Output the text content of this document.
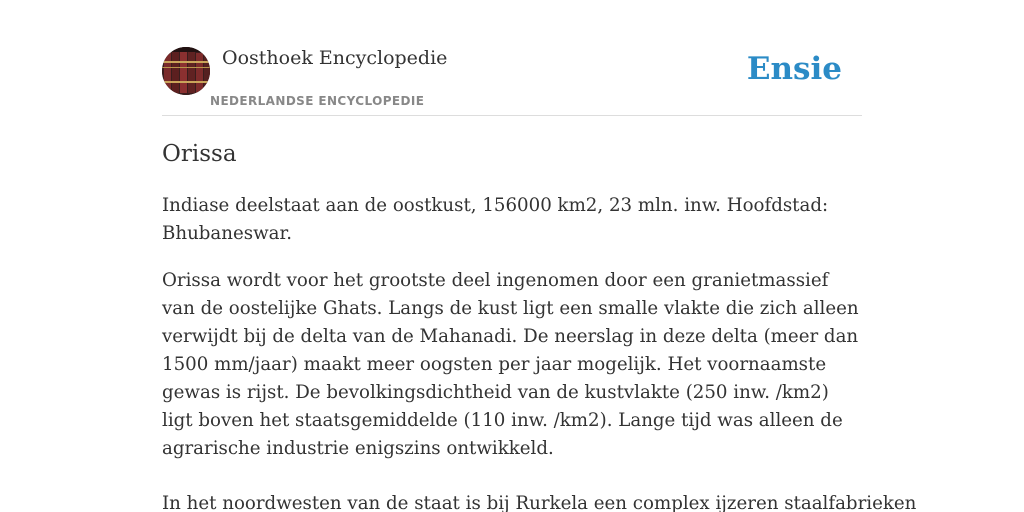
Oosthoek Encyclopedie
NEDERLANDSE ENCYCLOPEDIE
Ensie
Orissa

Indiase deelstaat aan de oostkust, 156000 km2, 23 mln. inw. Hoofdstad: Bhubaneswar.

Orissa wordt voor het grootste deel ingenomen door een granietmassief van de oostelijke Ghats. Langs de kust ligt een smalle vlakte die zich alleen verwijdt bij de delta van de Mahanadi. De neerslag in deze delta (meer dan 1500 mm/jaar) maakt meer oogsten per jaar mogelijk. Het voornaamste gewas is rijst. De bevolkingsdichtheid van de kustvlakte (250 inw. /km2) ligt boven het staatsgemiddelde (110 inw. /km2). Lange tijd was alleen de agrarische industrie enigszins ontwikkeld.

In het noordwesten van de staat is bij Rurkela een complex ijzeren staalfabrieken
